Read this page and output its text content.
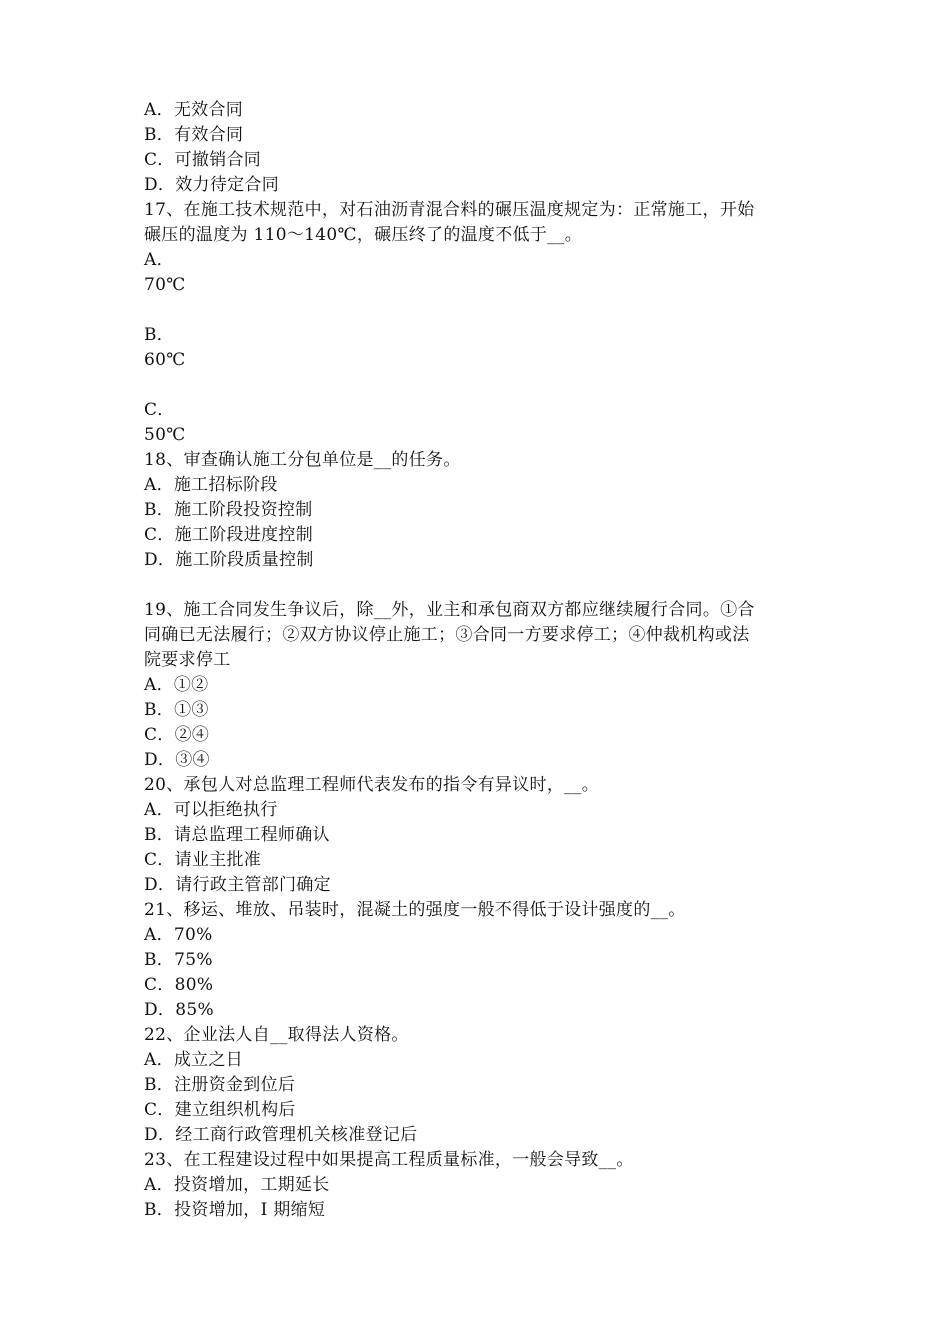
A．无效合同
B．有效合同
C．可撤销合同
D．效力待定合同
17、在施工技术规范中，对石油沥青混合料的碾压温度规定为：正常施工，开始
碾压的温度为 110～140℃，碾压终了的温度不低于__。
A．
70℃
B．
60℃
C．
50℃
18、审查确认施工分包单位是__的任务。
A．施工招标阶段
B．施工阶段投资控制
C．施工阶段进度控制
D．施工阶段质量控制
19、施工合同发生争议后，除__外，业主和承包商双方都应继续履行合同。①合
同确已无法履行；②双方协议停止施工；③合同一方要求停工；④仲裁机构或法
院要求停工
A．①②
B．①③
C．②④
D．③④
20、承包人对总监理工程师代表发布的指令有异议时，__。
A．可以拒绝执行
B．请总监理工程师确认
C．请业主批准
D．请行政主管部门确定
21、移运、堆放、吊装时，混凝土的强度一般不得低于设计强度的__。
A．70%
B．75%
C．80%
D．85%
22、企业法人自__取得法人资格。
A．成立之日
B．注册资金到位后
C．建立组织机构后
D．经工商行政管理机关核准登记后
23、在工程建设过程中如果提高工程质量标准，一般会导致__。
A．投资增加，工期延长
B．投资增加，I 期缩短
